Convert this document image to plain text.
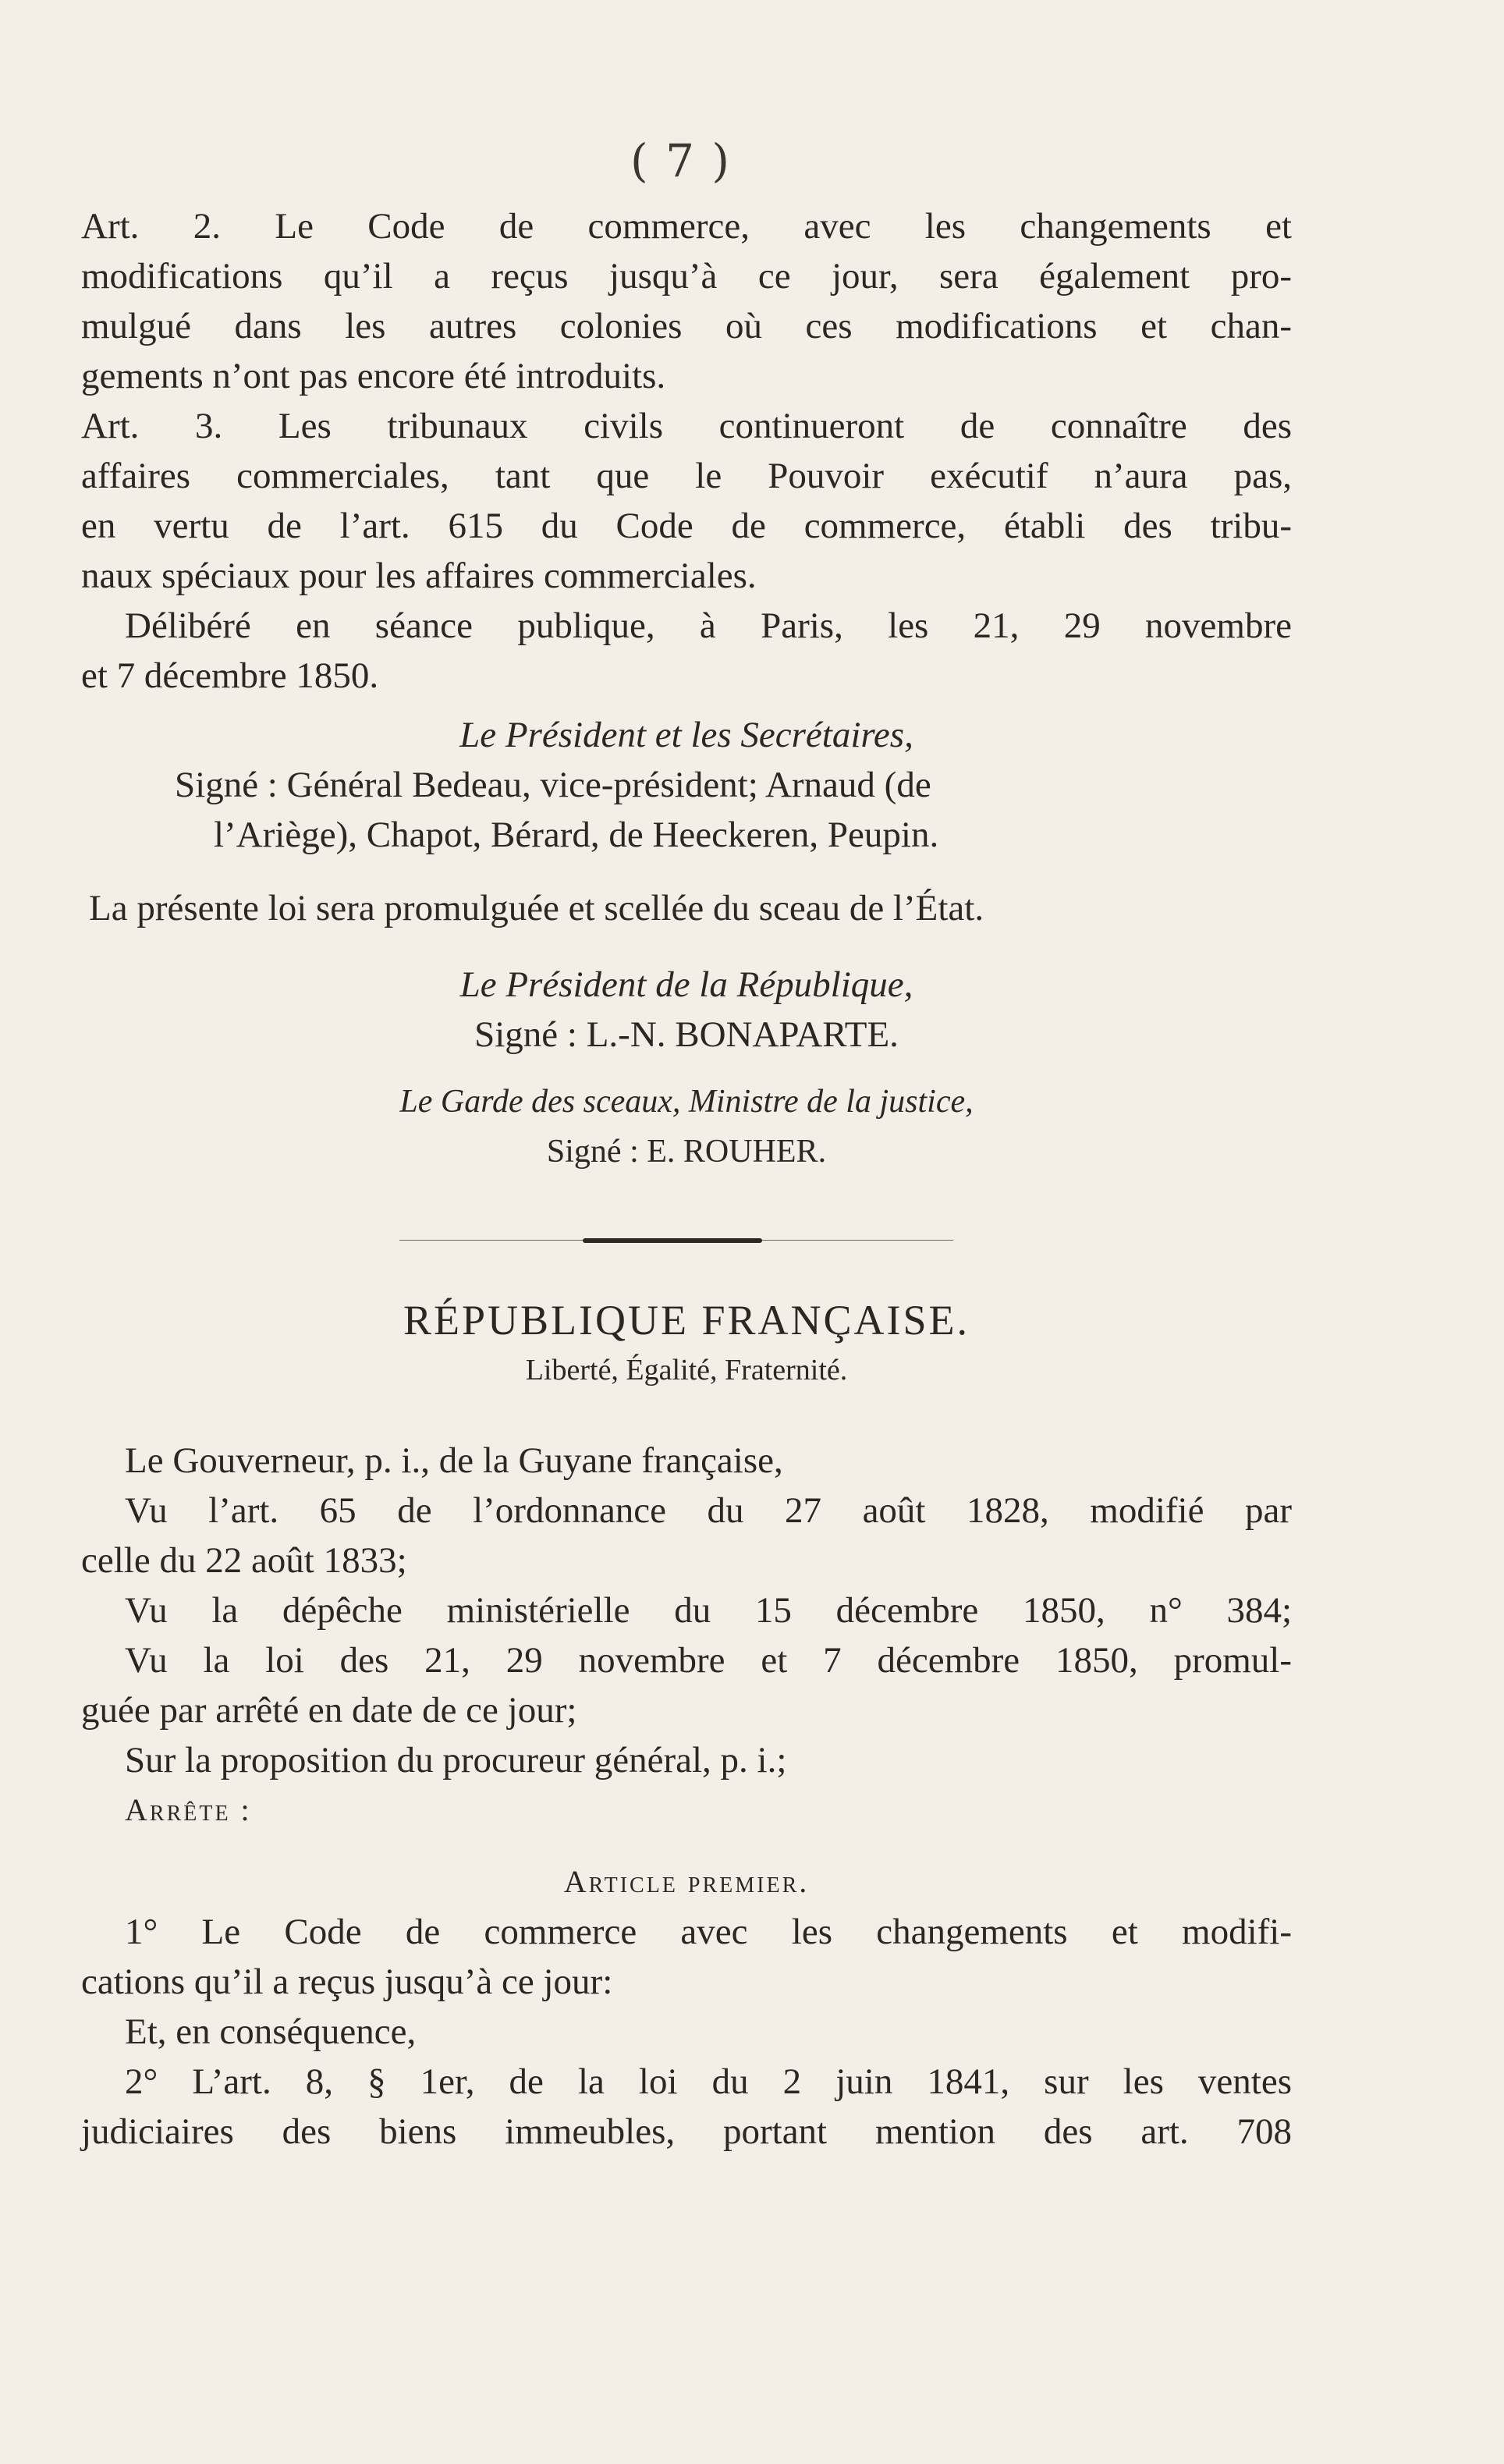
( 7 )
Art. 2. Le Code de commerce, avec les changements et
modifications qu’il a reçus jusqu’à ce jour, sera également pro-
mulgué dans les autres colonies où ces modifications et chan-
gements n’ont pas encore été introduits.
Art. 3. Les tribunaux civils continueront de connaître des
affaires commerciales, tant que le Pouvoir exécutif n’aura pas,
en vertu de l’art. 615 du Code de commerce, établi des tribu-
naux spéciaux pour les affaires commerciales.
Délibéré en séance publique, à Paris, les 21, 29 novembre
et 7 décembre 1850.
Le Président et les Secrétaires,
Signé : Général Bedeau, vice-président; Arnaud (de
l’Ariège), Chapot, Bérard, de Heeckeren, Peupin.
La présente loi sera promulguée et scellée du sceau de l’État.
Le Président de la République,
Signé : L.-N. BONAPARTE.
Le Garde des sceaux, Ministre de la justice,
Signé : E. ROUHER.
RÉPUBLIQUE FRANÇAISE.
Liberté, Égalité, Fraternité.
Le Gouverneur, p. i., de la Guyane française,
Vu l’art. 65 de l’ordonnance du 27 août 1828, modifié par
celle du 22 août 1833;
Vu la dépêche ministérielle du 15 décembre 1850, n° 384;
Vu la loi des 21, 29 novembre et 7 décembre 1850, promul-
guée par arrêté en date de ce jour;
Sur la proposition du procureur général, p. i.;
Arrête :
Article premier.
1° Le Code de commerce avec les changements et modifi-
cations qu’il a reçus jusqu’à ce jour:
Et, en conséquence,
2° L’art. 8, § 1er, de la loi du 2 juin 1841, sur les ventes
judiciaires des biens immeubles, portant mention des art. 708
